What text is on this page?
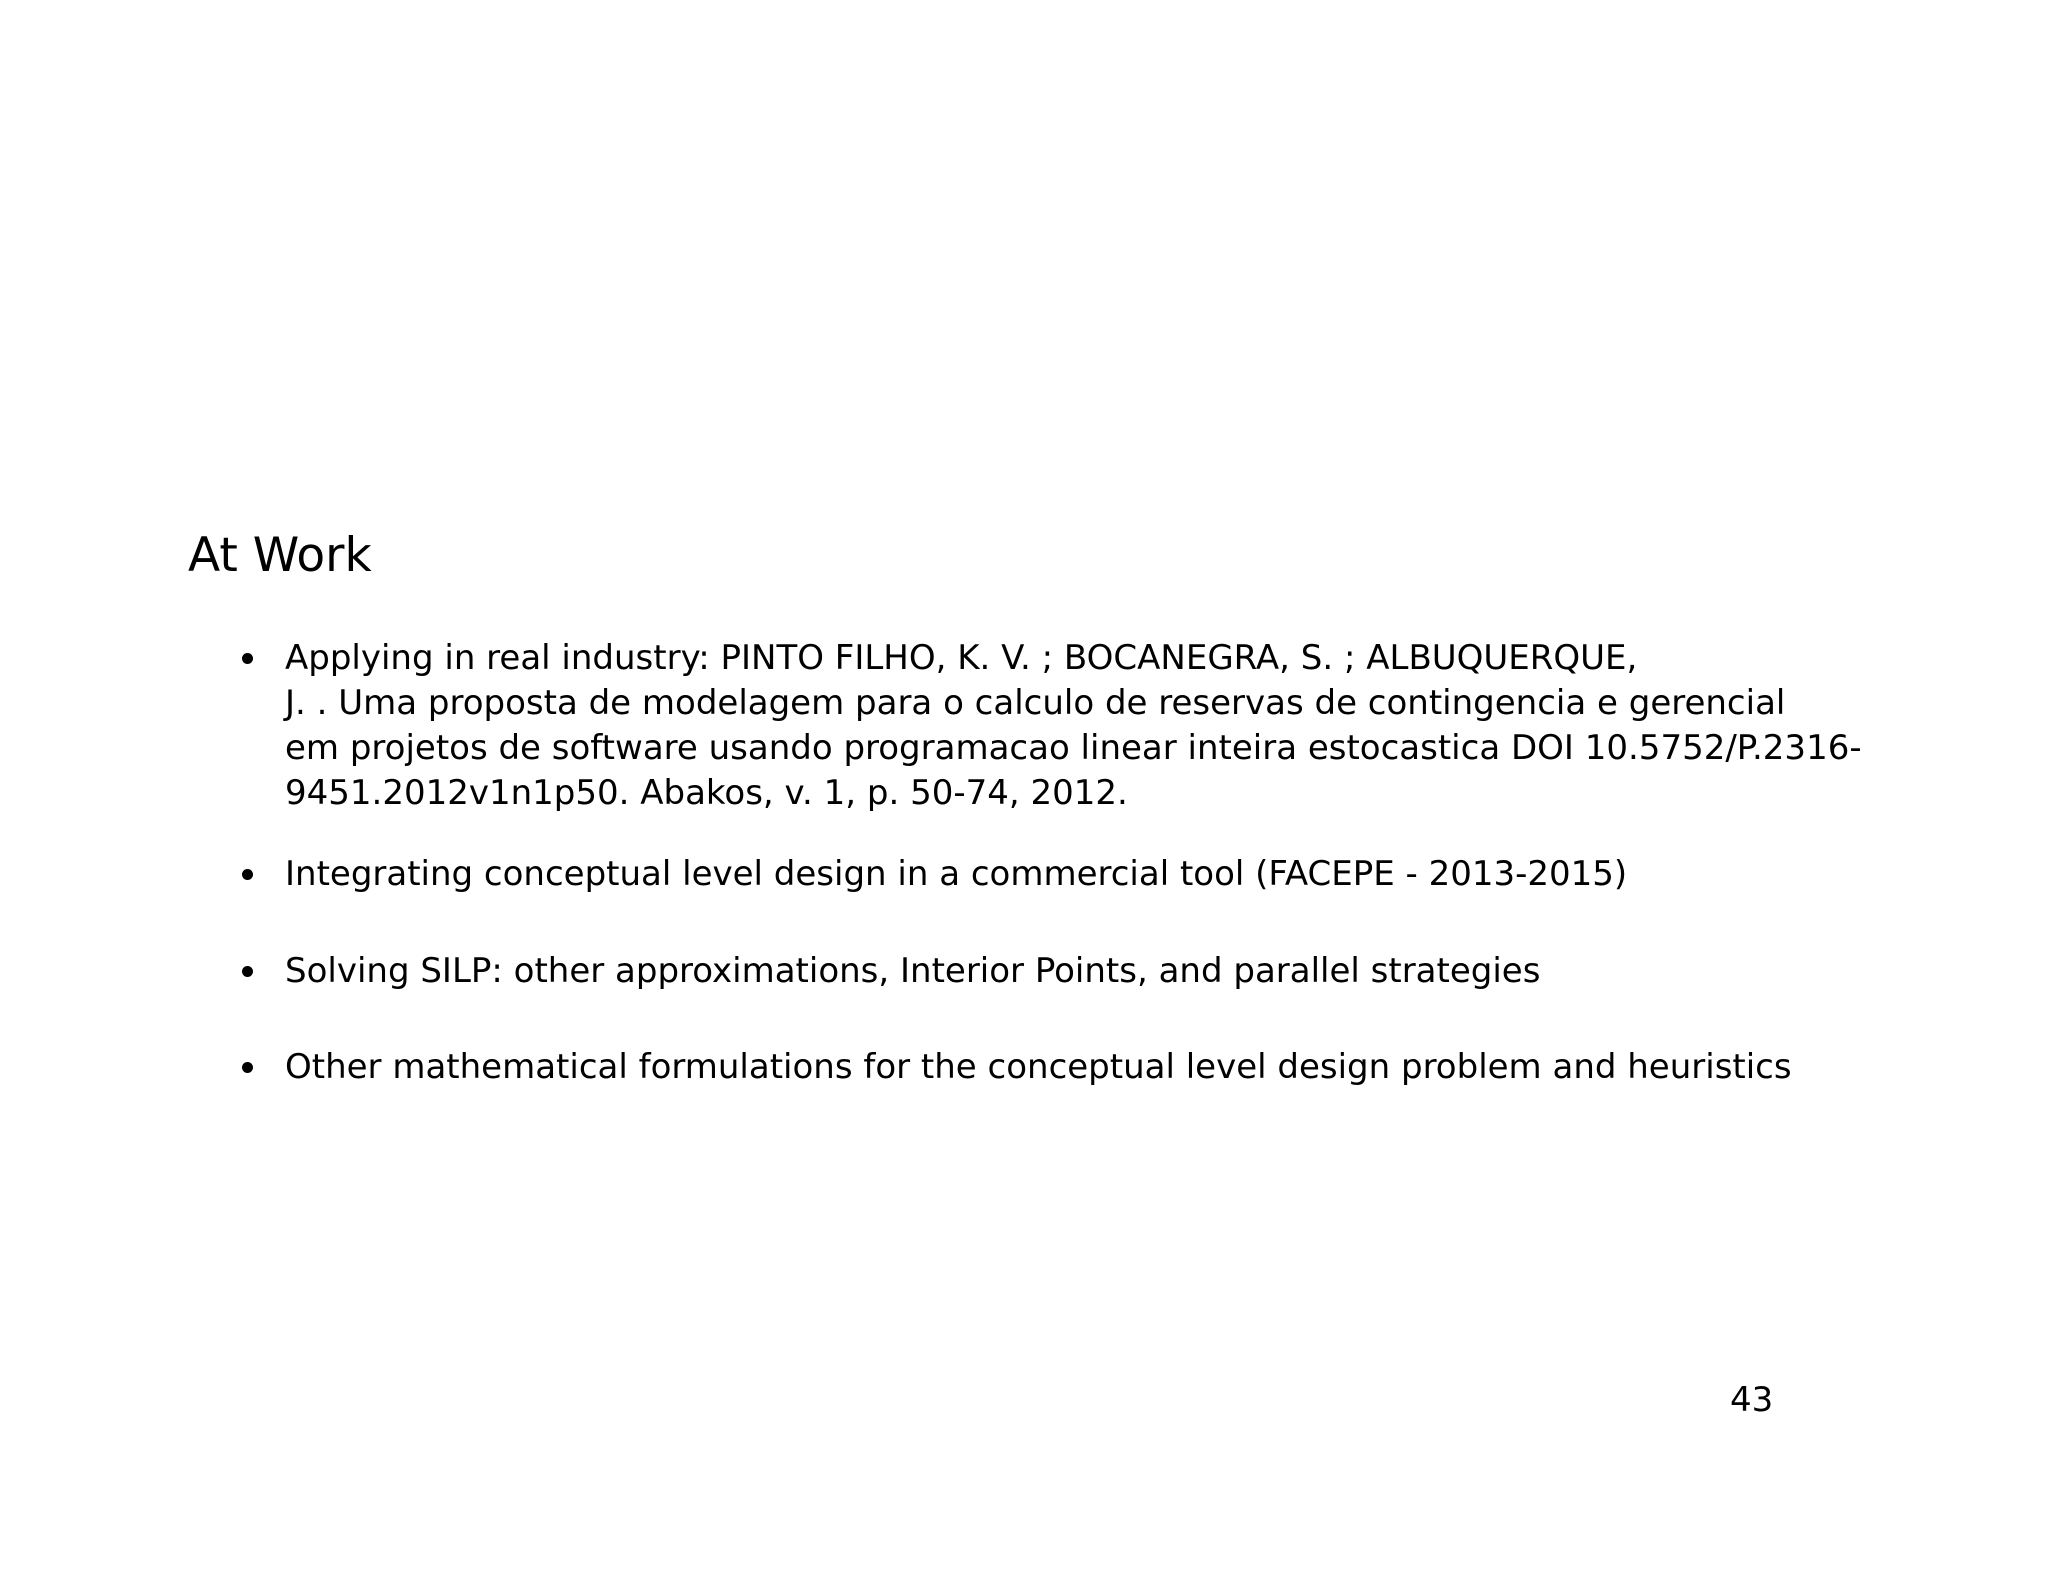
At Work
Applying in real industry: PINTO FILHO, K. V. ; BOCANEGRA, S. ; ALBUQUERQUE,
J. . Uma proposta de modelagem para o calculo de reservas de contingencia e gerencial
em projetos de software usando programacao linear inteira estocastica DOI 10.5752/P.2316-
9451.2012v1n1p50. Abakos, v. 1, p. 50-74, 2012.
Integrating conceptual level design in a commercial tool (FACEPE - 2013-2015)
Solving SILP: other approximations, Interior Points, and parallel strategies
Other mathematical formulations for the conceptual level design problem and heuristics
43
